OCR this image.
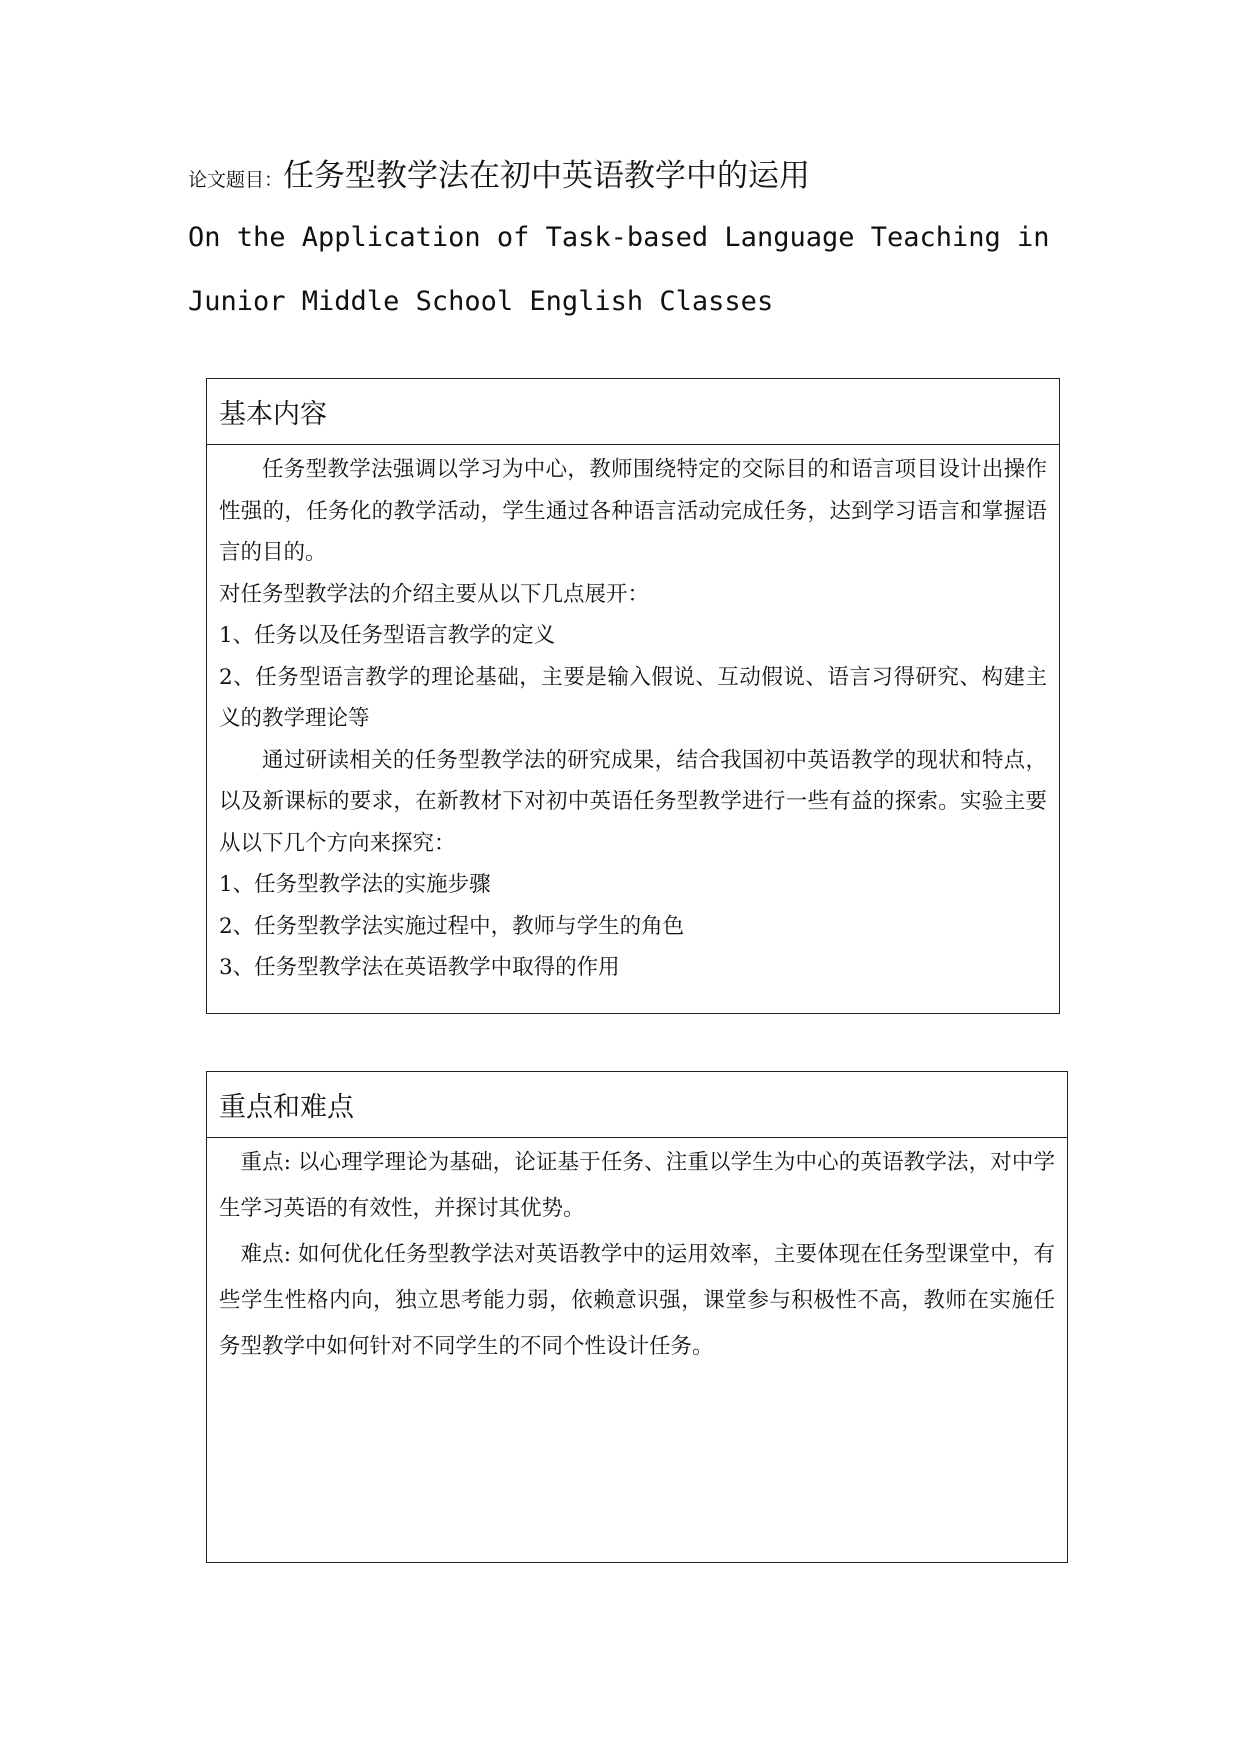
论文题目：任务型教学法在初中英语教学中的运用
On the Application of Task-based Language Teaching in Junior Middle School English Classes
基本内容

任务型教学法强调以学习为中心，教师围绕特定的交际目的和语言项目设计出操作性强的，任务化的教学活动，学生通过各种语言活动完成任务，达到学习语言和掌握语言的目的。

对任务型教学法的介绍主要从以下几点展开：

1、任务以及任务型语言教学的定义

2、任务型语言教学的理论基础，主要是输入假说、互动假说、语言习得研究、构建主义的教学理论等

通过研读相关的任务型教学法的研究成果，结合我国初中英语教学的现状和特点，以及新课标的要求，在新教材下对初中英语任务型教学进行一些有益的探索。实验主要从以下几个方向来探究：

1、任务型教学法的实施步骤

2、任务型教学法实施过程中，教师与学生的角色

3、任务型教学法在英语教学中取得的作用

重点和难点

重点: 以心理学理论为基础，论证基于任务、注重以学生为中心的英语教学法，对中学生学习英语的有效性，并探讨其优势。

难点: 如何优化任务型教学法对英语教学中的运用效率，主要体现在任务型课堂中，有些学生性格内向，独立思考能力弱，依赖意识强，课堂参与积极性不高，教师在实施任务型教学中如何针对不同学生的不同个性设计任务。
